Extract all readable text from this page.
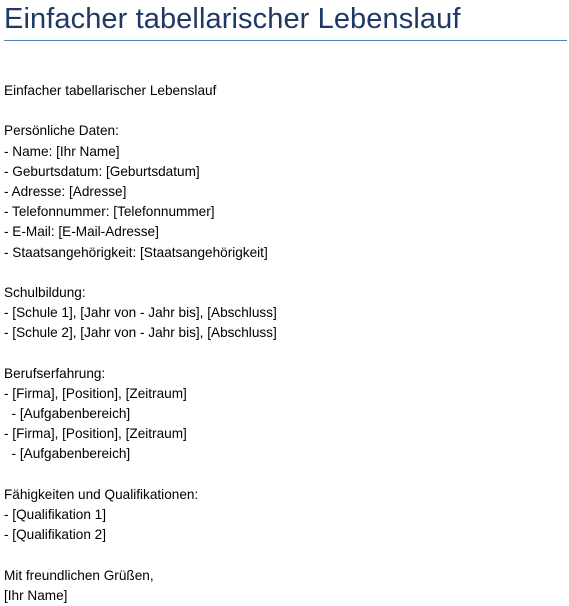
Einfacher tabellarischer Lebenslauf
Einfacher tabellarischer Lebenslauf

Persönliche Daten:
- Name: [Ihr Name]
- Geburtsdatum: [Geburtsdatum]
- Adresse: [Adresse]
- Telefonnummer: [Telefonnummer]
- E-Mail: [E-Mail-Adresse]
- Staatsangehörigkeit: [Staatsangehörigkeit]

Schulbildung:
- [Schule 1], [Jahr von - Jahr bis], [Abschluss]
- [Schule 2], [Jahr von - Jahr bis], [Abschluss]

Berufserfahrung:
- [Firma], [Position], [Zeitraum]
- [Aufgabenbereich]
- [Firma], [Position], [Zeitraum]
- [Aufgabenbereich]

Fähigkeiten und Qualifikationen:
- [Qualifikation 1]
- [Qualifikation 2]

Mit freundlichen Grüßen,
[Ihr Name]
